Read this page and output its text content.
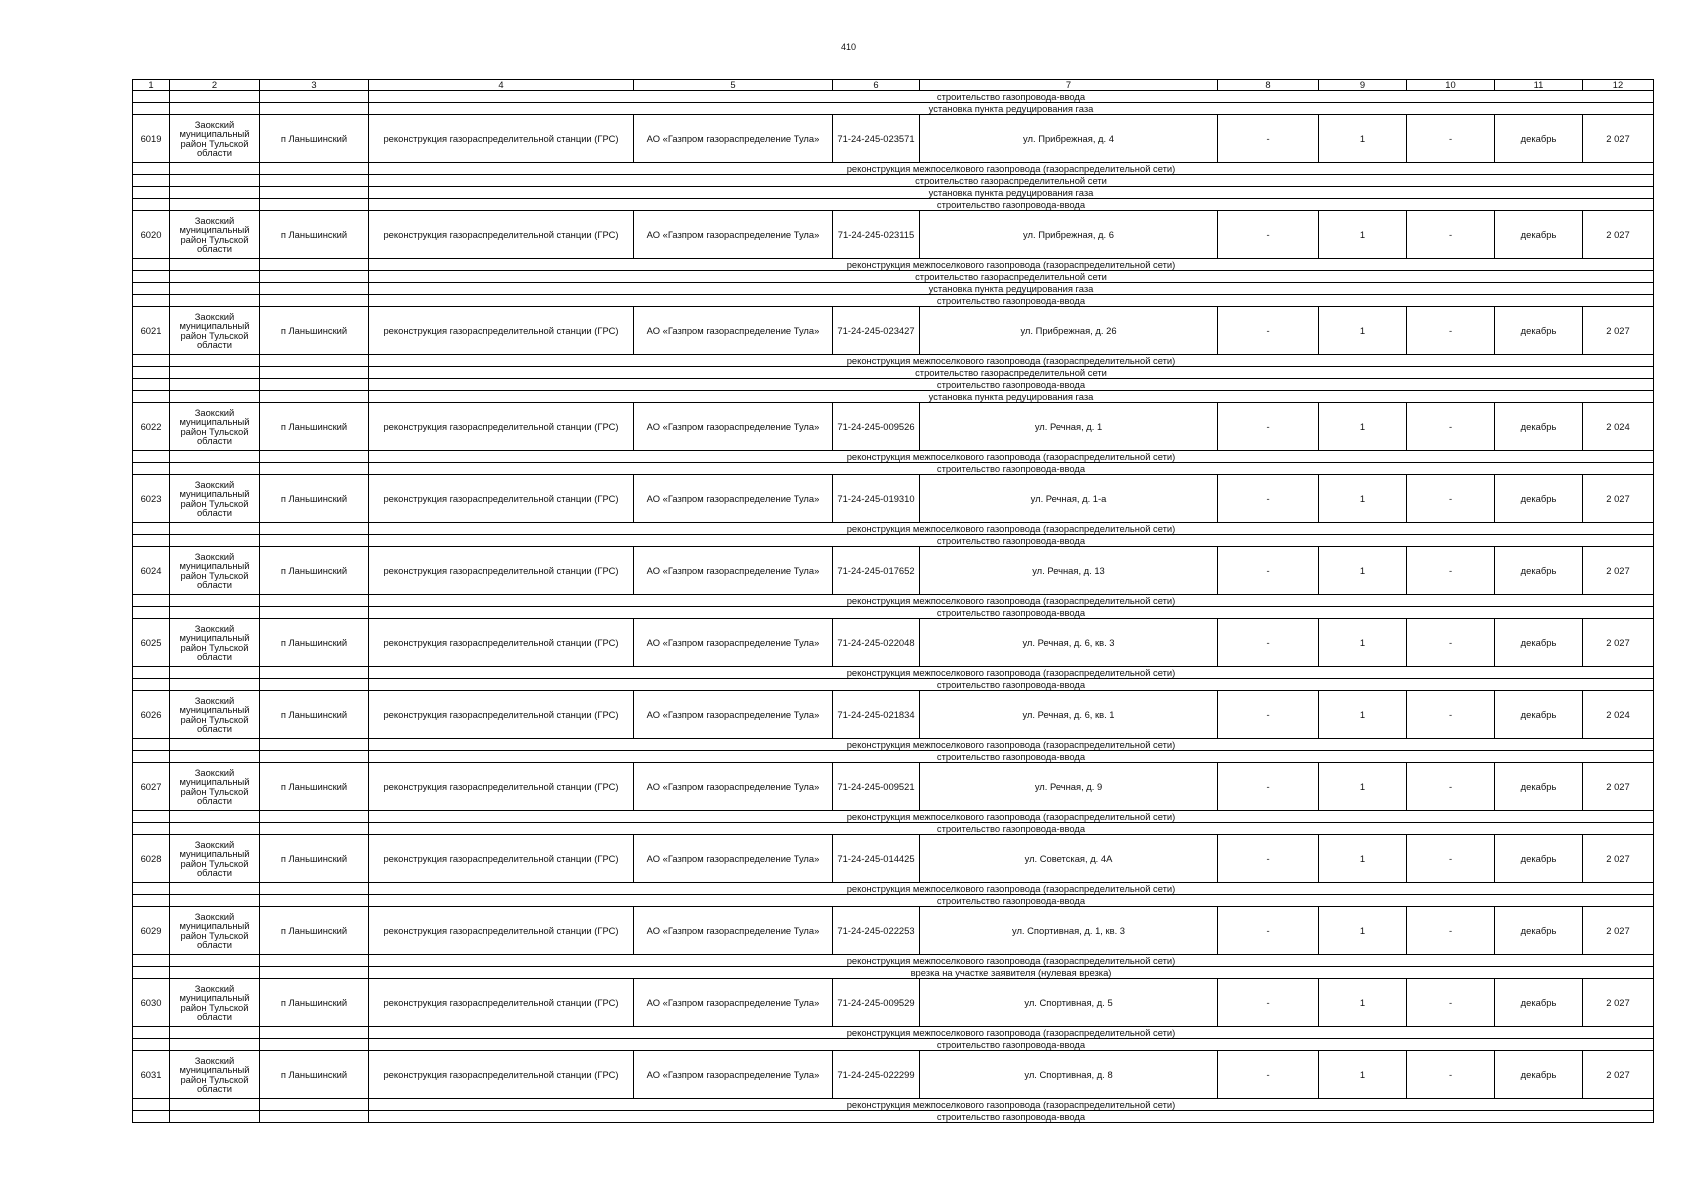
410
1	2	3	4	5	6	7	8	9	10	11	12
			строительство газопровода-ввода								
			установка пункта редуцирования газа								
6019	Заокский муниципальный район Тульской области	п Ланьшинский	реконструкция газораспределительной станции (ГРС)	АО «Газпром газораспределение Тула»	71-24-245-023571	ул. Прибрежная, д. 4	-	1	-	декабрь	2 027
			реконструкция межпоселкового газопровода (газораспределительной сети)								
			строительство газораспределительной сети								
			установка пункта редуцирования газа								
			строительство газопровода-ввода								
6020	Заокский муниципальный район Тульской области	п Ланьшинский	реконструкция газораспределительной станции (ГРС)	АО «Газпром газораспределение Тула»	71-24-245-023115	ул. Прибрежная, д. 6	-	1	-	декабрь	2 027
			реконструкция межпоселкового газопровода (газораспределительной сети)								
			строительство газораспределительной сети								
			установка пункта редуцирования газа								
			строительство газопровода-ввода								
6021	Заокский муниципальный район Тульской области	п Ланьшинский	реконструкция газораспределительной станции (ГРС)	АО «Газпром газораспределение Тула»	71-24-245-023427	ул. Прибрежная, д. 26	-	1	-	декабрь	2 027
			реконструкция межпоселкового газопровода (газораспределительной сети)								
			строительство газораспределительной сети								
			строительство газопровода-ввода								
			установка пункта редуцирования газа								
6022	Заокский муниципальный район Тульской области	п Ланьшинский	реконструкция газораспределительной станции (ГРС)	АО «Газпром газораспределение Тула»	71-24-245-009526	ул. Речная, д. 1	-	1	-	декабрь	2 024
			реконструкция межпоселкового газопровода (газораспределительной сети)								
			строительство газопровода-ввода								
6023	Заокский муниципальный район Тульской области	п Ланьшинский	реконструкция газораспределительной станции (ГРС)	АО «Газпром газораспределение Тула»	71-24-245-019310	ул. Речная, д. 1-а	-	1	-	декабрь	2 027
			реконструкция межпоселкового газопровода (газораспределительной сети)								
			строительство газопровода-ввода								
6024	Заокский муниципальный район Тульской области	п Ланьшинский	реконструкция газораспределительной станции (ГРС)	АО «Газпром газораспределение Тула»	71-24-245-017652	ул. Речная, д. 13	-	1	-	декабрь	2 027
			реконструкция межпоселкового газопровода (газораспределительной сети)								
			строительство газопровода-ввода								
6025	Заокский муниципальный район Тульской области	п Ланьшинский	реконструкция газораспределительной станции (ГРС)	АО «Газпром газораспределение Тула»	71-24-245-022048	ул. Речная, д. 6, кв. 3	-	1	-	декабрь	2 027
			реконструкция межпоселкового газопровода (газораспределительной сети)								
			строительство газопровода-ввода								
6026	Заокский муниципальный район Тульской области	п Ланьшинский	реконструкция газораспределительной станции (ГРС)	АО «Газпром газораспределение Тула»	71-24-245-021834	ул. Речная, д. 6, кв. 1	-	1	-	декабрь	2 024
			реконструкция межпоселкового газопровода (газораспределительной сети)								
			строительство газопровода-ввода								
6027	Заокский муниципальный район Тульской области	п Ланьшинский	реконструкция газораспределительной станции (ГРС)	АО «Газпром газораспределение Тула»	71-24-245-009521	ул. Речная, д. 9	-	1	-	декабрь	2 027
			реконструкция межпоселкового газопровода (газораспределительной сети)								
			строительство газопровода-ввода								
6028	Заокский муниципальный район Тульской области	п Ланьшинский	реконструкция газораспределительной станции (ГРС)	АО «Газпром газораспределение Тула»	71-24-245-014425	ул. Советская, д. 4А	-	1	-	декабрь	2 027
			реконструкция межпоселкового газопровода (газораспределительной сети)								
			строительство газопровода-ввода								
6029	Заокский муниципальный район Тульской области	п Ланьшинский	реконструкция газораспределительной станции (ГРС)	АО «Газпром газораспределение Тула»	71-24-245-022253	ул. Спортивная, д. 1, кв. 3	-	1	-	декабрь	2 027
			реконструкция межпоселкового газопровода (газораспределительной сети)								
			врезка на участке заявителя (нулевая врезка)								
6030	Заокский муниципальный район Тульской области	п Ланьшинский	реконструкция газораспределительной станции (ГРС)	АО «Газпром газораспределение Тула»	71-24-245-009529	ул. Спортивная, д. 5	-	1	-	декабрь	2 027
			реконструкция межпоселкового газопровода (газораспределительной сети)								
			строительство газопровода-ввода								
6031	Заокский муниципальный район Тульской области	п Ланьшинский	реконструкция газораспределительной станции (ГРС)	АО «Газпром газораспределение Тула»	71-24-245-022299	ул. Спортивная, д. 8	-	1	-	декабрь	2 027
			реконструкция межпоселкового газопровода (газораспределительной сети)								
			строительство газопровода-ввода								
